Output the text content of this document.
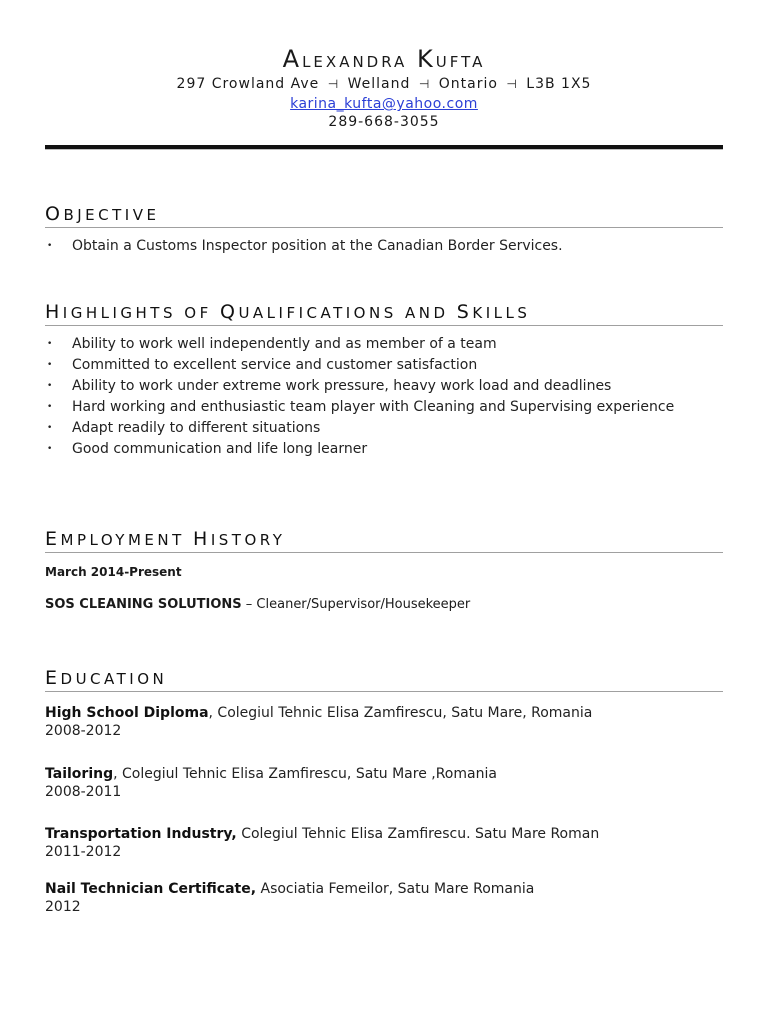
Alexandra Kufta
297 Crowland Ave ⊣ Welland ⊣ Ontario ⊣ L3B 1X5
karina_kufta@yahoo.com
289-668-3055
OBJECTIVE
• Obtain a Customs Inspector position at the Canadian Border Services.
HIGHLIGHTS OF QUALIFICATIONS AND SKILLS
• Ability to work well independently and as member of a team
• Committed to excellent service and customer satisfaction
• Ability to work under extreme work pressure, heavy work load and deadlines
• Hard working and enthusiastic team player with Cleaning and Supervising experience
• Adapt readily to different situations
• Good communication and life long learner
EMPLOYMENT HISTORY
March 2014-Present
SOS CLEANING SOLUTIONS – Cleaner/Supervisor/Housekeeper
EDUCATION
High School Diploma, Colegiul Tehnic Elisa Zamfirescu, Satu Mare, Romania
2008-2012
Tailoring, Colegiul Tehnic Elisa Zamfirescu, Satu Mare ,Romania
2008-2011
Transportation Industry, Colegiul Tehnic Elisa Zamfirescu. Satu Mare Roman
2011-2012
Nail Technician Certificate, Asociatia Femeilor, Satu Mare Romania
2012
